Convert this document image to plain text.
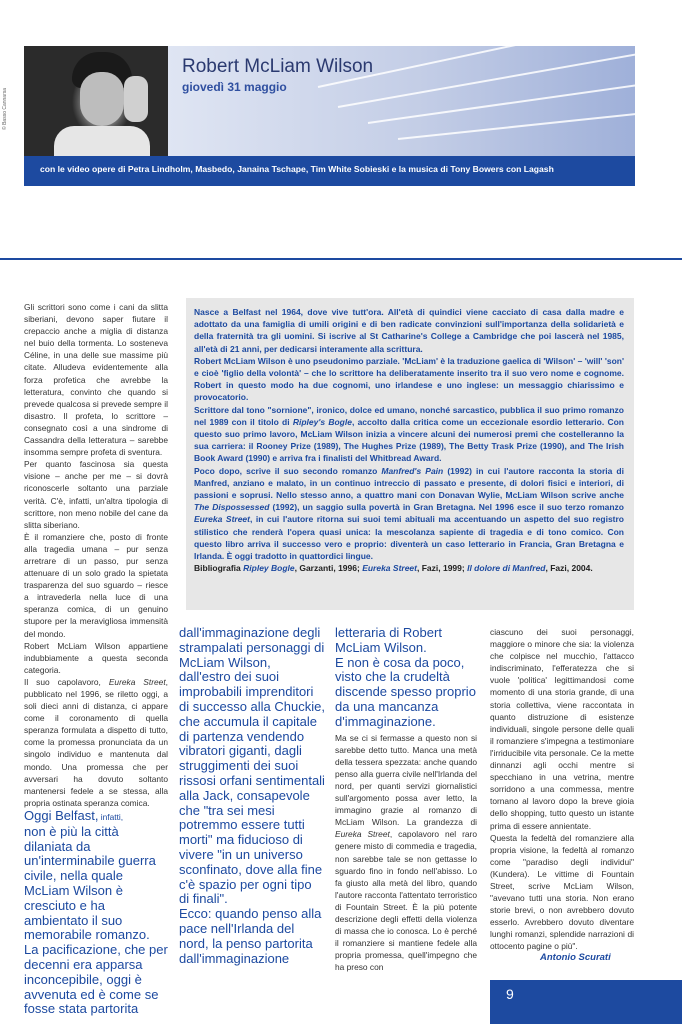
© Basso Cannarsa
Robert McLiam Wilson
giovedì 31 maggio
con le video opere di Petra Lindholm, Masbedo, Janaina Tschape, Tim White Sobieski e la musica di Tony Bowers con Lagash

Nasce a Belfast nel 1964, dove vive tutt'ora. All'età di quindici viene cacciato di casa dalla madre e adottato da una famiglia di umili origini e di ben radicate convinzioni sull'importanza della solidarietà e della fraternità tra gli uomini. Si iscrive al St Catharine's College a Cambridge che poi lascerà nel 1985, all'età di 21 anni, per dedicarsi interamente alla scrittura.

Robert McLiam Wilson è uno pseudonimo parziale. 'McLiam' è la traduzione gaelica di 'Wilson' – 'will' 'son' e cioè 'figlio della volontà' – che lo scrittore ha deliberatamente inserito tra il suo vero nome e cognome. Robert in questo modo ha due cognomi, uno irlandese e uno inglese: un messaggio chiarissimo e provocatorio.

Scrittore dal tono "sornione", ironico, dolce ed umano, nonché sarcastico, pubblica il suo primo romanzo nel 1989 con il titolo di Ripley's Bogle, accolto dalla critica come un eccezionale esordio letterario. Con questo suo primo lavoro, McLiam Wilson inizia a vincere alcuni dei numerosi premi che costelleranno la sua carriera: il Rooney Prize (1989), The Hughes Prize (1989), The Betty Trask Prize (1990), and The Irish Book Award (1990) e arriva fra i finalisti del Whitbread Award.

Poco dopo, scrive il suo secondo romanzo Manfred's Pain (1992) in cui l'autore racconta la storia di Manfred, anziano e malato, in un continuo intreccio di passato e presente, di dolori fisici e interiori, di passioni e soprusi. Nello stesso anno, a quattro mani con Donavan Wylie, McLiam Wilson scrive anche The Dispossessed (1992), un saggio sulla povertà in Gran Bretagna. Nel 1996 esce il suo terzo romanzo Eureka Street, in cui l'autore ritorna sui suoi temi abituali ma accentuando un aspetto del suo registro stilistico che renderà l'opera quasi unica: la mescolanza sapiente di tragedia e di tono comico. Con questo libro arriva il successo vero e proprio: diventerà un caso letterario in Francia, Gran Bretagna e Irlanda. È oggi tradotto in quattordici lingue.

Bibliografia Ripley Bogle, Garzanti, 1996; Eureka Street, Fazi, 1999; Il dolore di Manfred, Fazi, 2004.

Gli scrittori sono come i cani da slitta siberiani, devono saper fiutare il crepaccio anche a miglia di distanza nel buio della tormenta. Lo sosteneva Céline, in una delle sue massime più citate. Alludeva evidentemente alla forza profetica che avrebbe la letteratura, convinto che quando si prevede qualcosa si prevede sempre il disastro. Il profeta, lo scrittore – consegnato così a una sindrome di Cassandra della letteratura – sarebbe insomma sempre profeta di sventura.

Per quanto fascinosa sia questa visione – anche per me – si dovrà riconoscerle soltanto una parziale verità. C'è, infatti, un'altra tipologia di scrittore, non meno nobile del cane da slitta siberiano.

È il romanziere che, posto di fronte alla tragedia umana – pur senza arretrare di un passo, pur senza attenuare di un solo grado la spietata trasparenza del suo sguardo – riesce a intravederla nella luce di una speranza comica, di un genuino stupore per la meravigliosa immensità del mondo.

Robert McLiam Wilson appartiene indubbiamente a questa seconda categoria.

Il suo capolavoro, Eureka Street, pubblicato nel 1996, se riletto oggi, a soli dieci anni di distanza, ci appare come il coronamento di quella speranza formulata a dispetto di tutto, come la promessa pronunciata da un singolo individuo e mantenuta dal mondo. Una promessa che per avversari ha dovuto soltanto mantenersi fedele a se stessa, alla propria ostinata speranza comica.

Oggi Belfast, infatti,

non è più la città dilaniata da un'interminabile guerra civile, nella quale McLiam Wilson è cresciuto e ha ambientato il suo memorabile romanzo.

La pacificazione, che per decenni era apparsa inconcepibile, oggi è avvenuta ed è come se fosse stata partorita

dall'immaginazione degli strampalati personaggi di McLiam Wilson, dall'estro dei suoi improbabili imprenditori di successo alla Chuckie, che accumula il capitale di partenza vendendo vibratori giganti, dagli struggimenti dei suoi rissosi orfani sentimentali alla Jack, consapevole che "tra sei mesi potremmo essere tutti morti" ma fiducioso di vivere "in un universo sconfinato, dove alla fine c'è spazio per ogni tipo di finali".

Ecco: quando penso alla pace nell'Irlanda del nord, la penso partorita dall'immaginazione

letteraria di Robert McLiam Wilson.

E non è cosa da poco, visto che la crudeltà discende spesso proprio da una mancanza d'immaginazione.

Ma se ci si fermasse a questo non si sarebbe detto tutto. Manca una metà della tessera spezzata: anche quando penso alla guerra civile nell'Irlanda del nord, per quanti servizi giornalistici sull'argomento possa aver letto, la immagino grazie al romanzo di McLiam Wilson. La grandezza di Eureka Street, capolavoro nel raro genere misto di commedia e tragedia, non sarebbe tale se non gettasse lo sguardo fino in fondo nell'abisso. Lo fa giusto alla metà del libro, quando l'autore racconta l'attentato terroristico di Fountain Street. È la più potente descrizione degli effetti della violenza di massa che io conosca. Lo è perché il romanziere si mantiene fedele alla propria promessa, quell'impegno che ha preso con

ciascuno dei suoi personaggi, maggiore o minore che sia: la violenza che colpisce nel mucchio, l'attacco indiscriminato, l'efferatezza che si vuole 'politica' legittimandosi come momento di una storia grande, di una storia collettiva, viene raccontata in quanto distruzione di esistenze individuali, singole persone delle quali il romanziere s'impegna a testimoniare l'irriducibile vita personale. Ce la mette dinnanzi agli occhi mentre si specchiano in una vetrina, mentre sorridono a una commessa, mentre tornano al lavoro dopo la breve gioia dello shopping, tutto questo un istante prima di essere annientate.

Questa la fedeltà del romanziere alla propria visione, la fedeltà al romanzo come "paradiso degli individui" (Kundera). Le vittime di Fountain Street, scrive McLiam Wilson, "avevano tutti una storia. Non erano storie brevi, o non avrebbero dovuto esserlo. Avrebbero dovuto diventare lunghi romanzi, splendide narrazioni di ottocento pagine o più".

Antonio Scurati
9
